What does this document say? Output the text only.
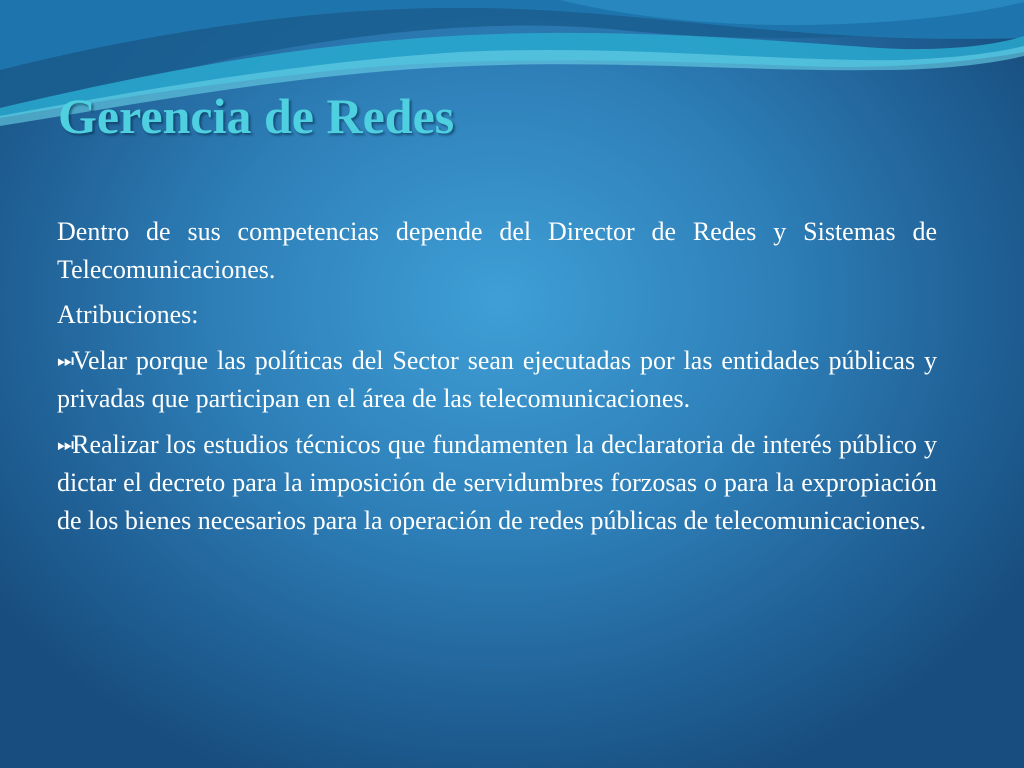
Gerencia de Redes

Dentro de sus competencias depende del Director de Redes y Sistemas de Telecomunicaciones.

Atribuciones:

⏭Velar porque las políticas del Sector sean ejecutadas por las entidades públicas y privadas que participan en el área de las telecomunicaciones.

⏭Realizar los estudios técnicos que fundamenten la declaratoria de interés público y dictar el decreto para la imposición de servidumbres forzosas o para la expropiación de los bienes necesarios para la operación de redes públicas de telecomunicaciones.
